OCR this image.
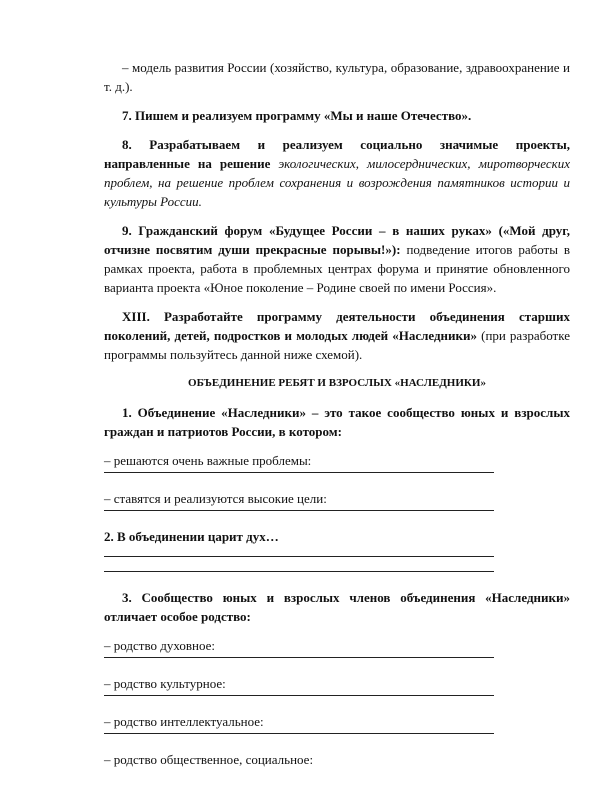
– модель развития России (хозяйство, культура, образование, здравоохранение и т. д.).

7. Пишем и реализуем программу «Мы и наше Отечество».

8. Разрабатываем и реализуем социально значимые проекты, направленные на решение экологических, милосерднических, миротворческих проблем, на решение проблем сохранения и возрождения памятников истории и культуры России.

9. Гражданский форум «Будущее России – в наших руках» («Мой друг, отчизне посвятим души прекрасные порывы!»): подведение итогов работы в рамках проекта, работа в проблемных центрах форума и принятие обновленного варианта проекта «Юное поколение – Родине своей по имени Россия».

XIII. Разработайте программу деятельности объединения старших поколений, детей, подростков и молодых людей «Наследники» (при разработке программы пользуйтесь данной ниже схемой).

ОБЪЕДИНЕНИЕ РЕБЯТ И ВЗРОСЛЫХ «НАСЛЕДНИКИ»

1. Объединение «Наследники» – это такое сообщество юных и взрослых граждан и патриотов России, в котором:

– решаются очень важные проблемы:
– ставятся и реализуются высокие цели:

2. В объединении царит дух…

3. Сообщество юных и взрослых членов объединения «Наследники» отличает особое родство:

– родство духовное:
– родство культурное:
– родство интеллектуальное:
– родство общественное, социальное:
